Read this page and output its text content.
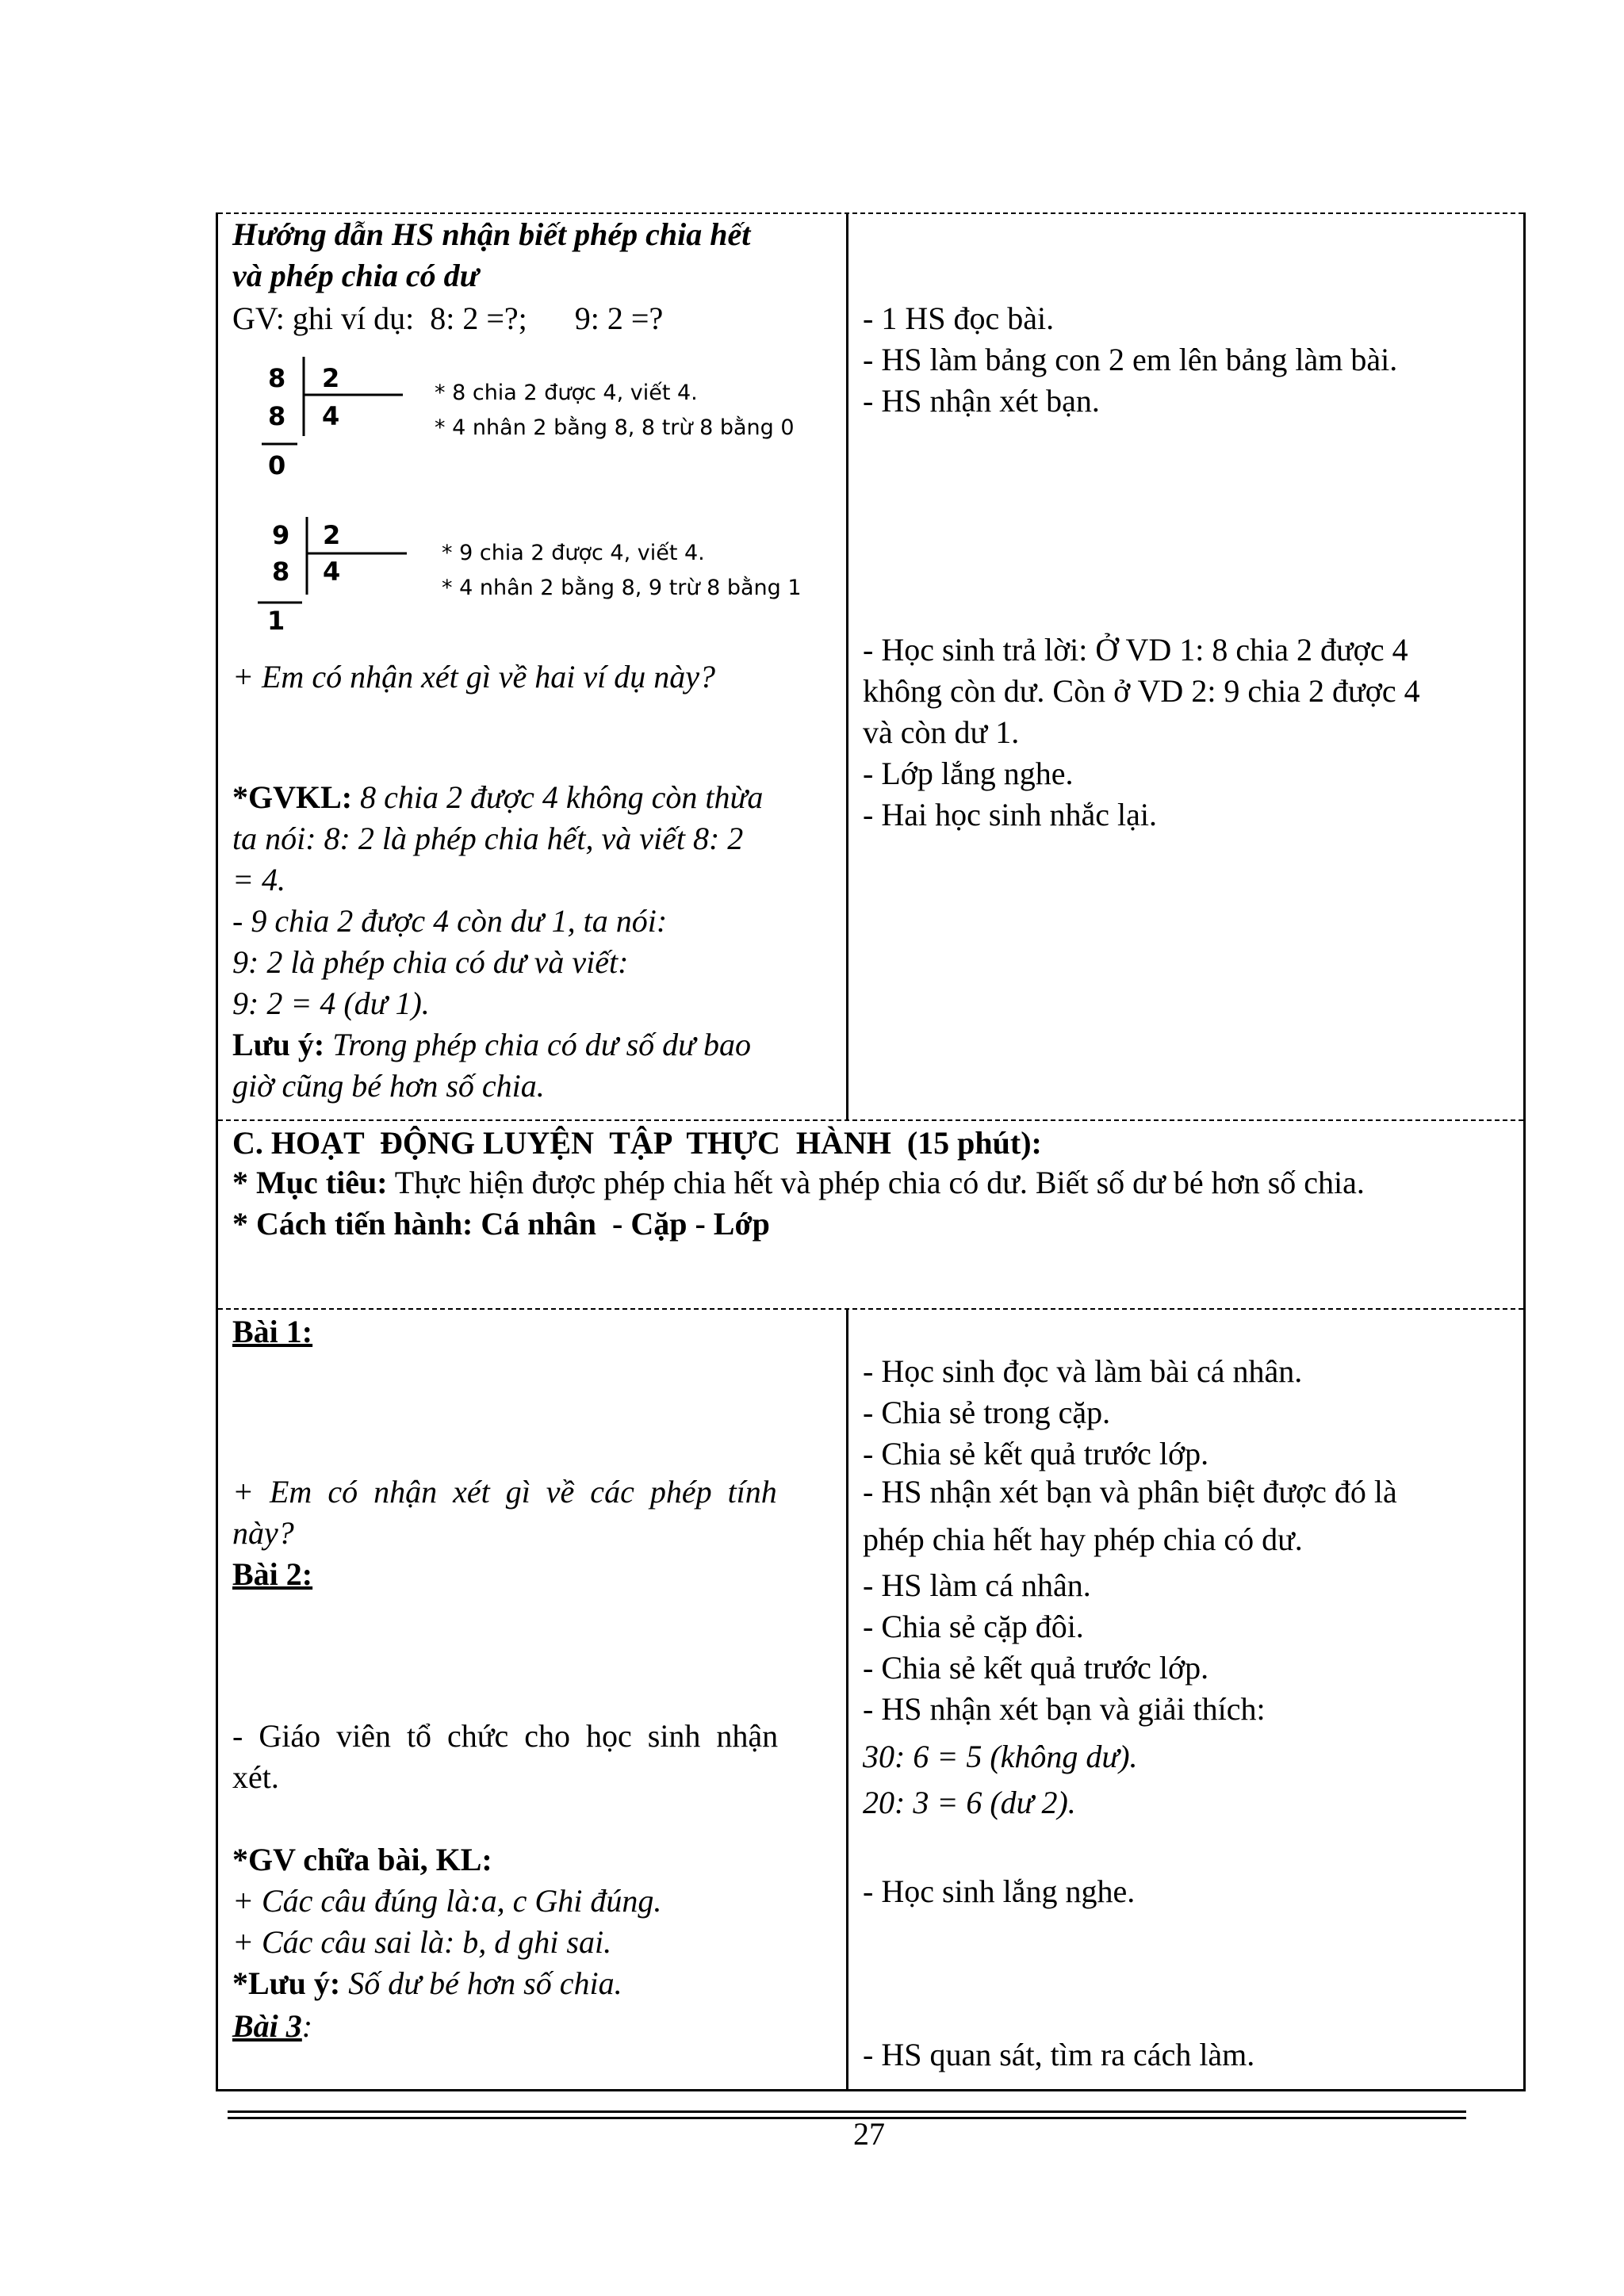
Hướng dẫn HS nhận biết phép chia hết
và phép chia có dư
GV: ghi ví dụ:  8: 2 =?;      9: 2 =?
8 2
8 4
0
* 8 chia 2 được 4, viết 4.
* 4 nhân 2 bằng 8, 8 trừ 8 bằng 0
9 2
8 4
1
* 9 chia 2 được 4, viết 4.
* 4 nhân 2 bằng 8, 9 trừ 8 bằng 1
+ Em có nhận xét gì về hai ví dụ này?
*GVKL: 8 chia 2 được 4 không còn thừa
ta nói: 8: 2 là phép chia hết, và viết 8: 2
= 4.
- 9 chia 2 được 4 còn dư 1, ta nói:
9: 2 là phép chia có dư và viết:
9: 2 = 4 (dư 1).
Lưu ý: Trong phép chia có dư số dư bao
giờ cũng bé hơn số chia.
- 1 HS đọc bài.
- HS làm bảng con 2 em lên bảng làm bài.
- HS nhận xét bạn.
- Học sinh trả lời: Ở VD 1: 8 chia 2 được 4
không còn dư. Còn ở VD 2: 9 chia 2 được 4
và còn dư 1.
- Lớp lắng nghe.
- Hai học sinh nhắc lại.
C. HOẠT  ĐỘNG LUYỆN  TẬP  THỰC  HÀNH  (15 phút):
* Mục tiêu: Thực hiện được phép chia hết và phép chia có dư. Biết số dư bé hơn số chia.
* Cách tiến hành: Cá nhân  - Cặp - Lớp
Bài 1:
+  Em  có  nhận  xét  gì  về  các  phép  tính
này?
Bài 2:
-  Giáo  viên  tổ  chức  cho  học  sinh  nhận
xét.
*GV chữa bài, KL:
+ Các câu đúng là:a, c Ghi đúng.
+ Các câu sai là: b, d ghi sai.
*Lưu ý: Số dư bé hơn số chia.
Bài 3:
- Học sinh đọc và làm bài cá nhân.
- Chia sẻ trong cặp.
- Chia sẻ kết quả trước lớp.
- HS nhận xét bạn và phân biệt được đó là
phép chia hết hay phép chia có dư.
- HS làm cá nhân.
- Chia sẻ cặp đôi.
- Chia sẻ kết quả trước lớp.
- HS nhận xét bạn và giải thích:
30: 6 = 5 (không dư).
20: 3 = 6 (dư 2).
- Học sinh lắng nghe.
- HS quan sát, tìm ra cách làm.
27
